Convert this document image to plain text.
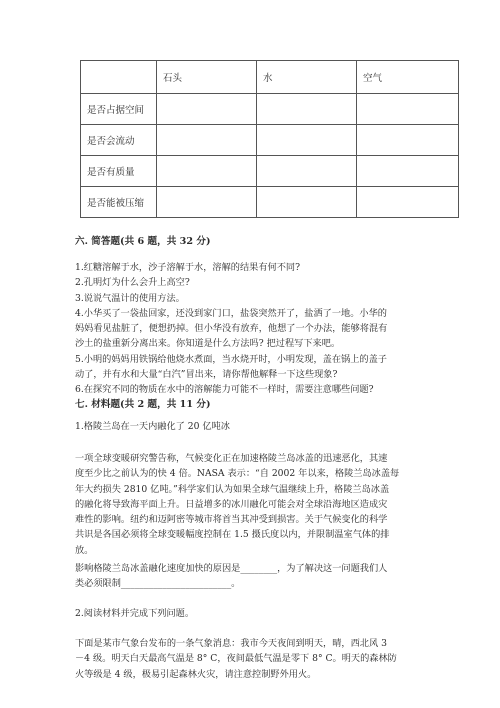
	石头	水	空气
是否占据空间			
是否会流动			
是否有质量			
是否能被压缩			
六. 简答题(共 6 题，共 32 分)
1.红糖溶解于水，沙子溶解于水，溶解的结果有何不同?
2.孔明灯为什么会升上高空?
3.说说气温计的使用方法。
4.小华买了一袋盐回家，还没到家门口，盐袋突然开了，盐洒了一地。小华的
妈妈看见盐脏了，便想扔掉。但小华没有放弃，他想了一个办法，能够将混有
沙土的盐重新分离出来。你知道是什么方法吗? 把过程写下来吧。
5.小明的妈妈用铁锅给他烧水煮面，当水烧开时，小明发现，盖在锅上的盖子
动了，并有水和大量“白汽”冒出来，请你帮他解释一下这些现象?
6.在探究不同的物质在水中的溶解能力可能不一样时，需要注意哪些问题?
七. 材料题(共 2 题，共 11 分)
1.格陵兰岛在一天内融化了 20 亿吨冰
一项全球变暖研究警告称，气候变化正在加速格陵兰岛冰盖的迅速恶化，其速
度至少比之前认为的快 4 倍。NASA 表示：“自 2002 年以来，格陵兰岛冰盖每
年大约损失 2810 亿吨。”科学家们认为如果全球气温继续上升，格陵兰岛冰盖
的融化将导致海平面上升。日益增多的冰川融化可能会对全球沿海地区造成灾
难性的影响。纽约和迈阿密等城市将首当其冲受到损害。关于气候变化的科学
共识是各国必须将全球变暖幅度控制在 1.5 摄氏度以内，并限制温室气体的排
放。
影响格陵兰岛冰盖融化速度加快的原因是________，为了解决这一问题我们人
类必须限制________________________。
2.阅读材料并完成下列问题。
下面是某市气象台发布的一条气象消息：我市今天夜间到明天，晴，西北风 3
－4 级。明天白天最高气温是 8° C，夜间最低气温是零下 8° C。明天的森林防
火等级是 4 级，极易引起森林火灾，请注意控制野外用火。
